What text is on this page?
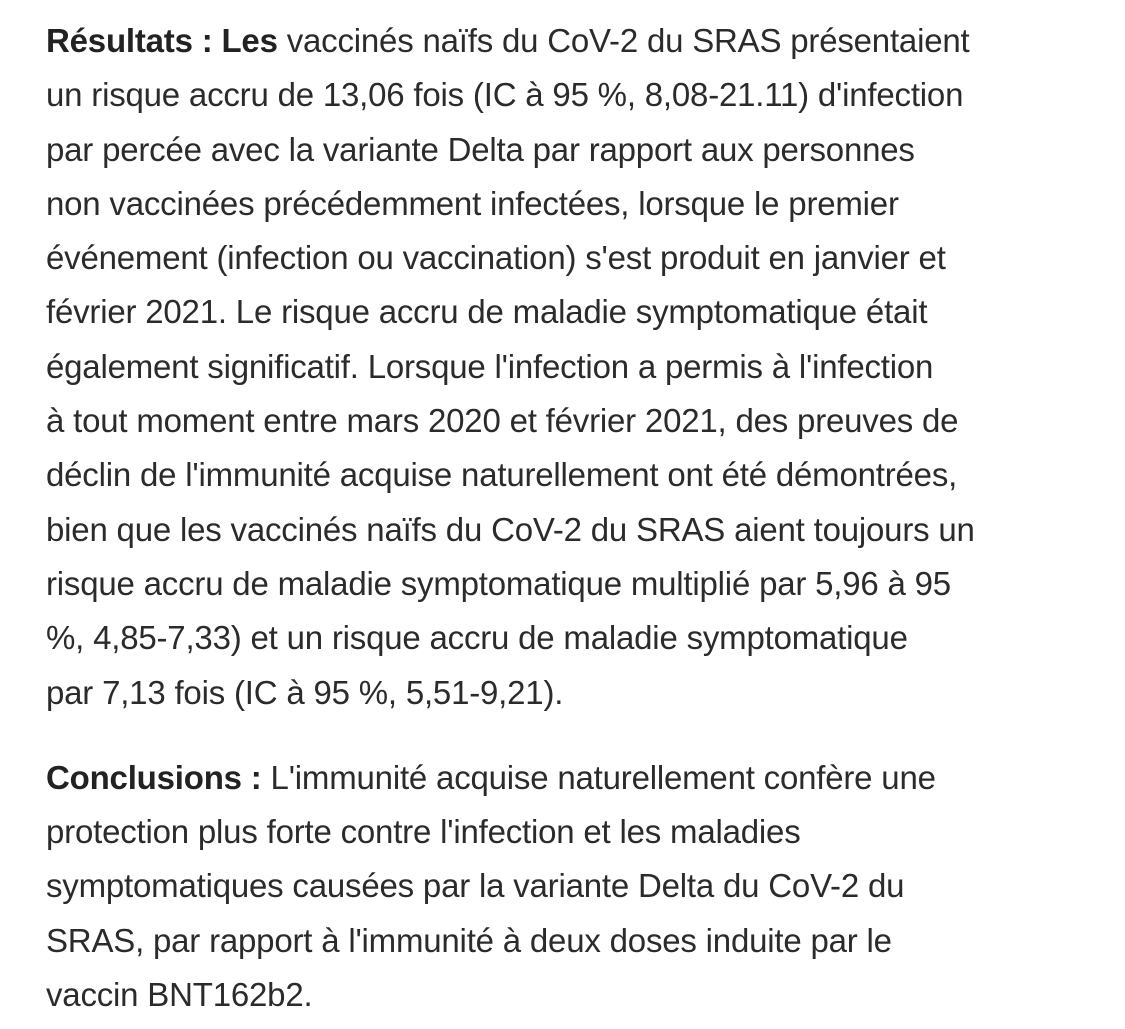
Résultats : Les vaccinés naïfs du CoV-2 du SRAS présentaient
un risque accru de 13,06 fois (IC à 95 %, 8,08-21.11) d'infection
par percée avec la variante Delta par rapport aux personnes
non vaccinées précédemment infectées, lorsque le premier
événement (infection ou vaccination) s'est produit en janvier et
février 2021. Le risque accru de maladie symptomatique était
également significatif. Lorsque l'infection a permis à l'infection
à tout moment entre mars 2020 et février 2021, des preuves de
déclin de l'immunité acquise naturellement ont été démontrées,
bien que les vaccinés naïfs du CoV-2 du SRAS aient toujours un
risque accru de maladie symptomatique multiplié par 5,96 à 95
%, 4,85-7,33) et un risque accru de maladie symptomatique
par 7,13 fois (IC à 95 %, 5,51-9,21).

Conclusions : L'immunité acquise naturellement confère une
protection plus forte contre l'infection et les maladies
symptomatiques causées par la variante Delta du CoV-2 du
SRAS, par rapport à l'immunité à deux doses induite par le
vaccin BNT162b2.
